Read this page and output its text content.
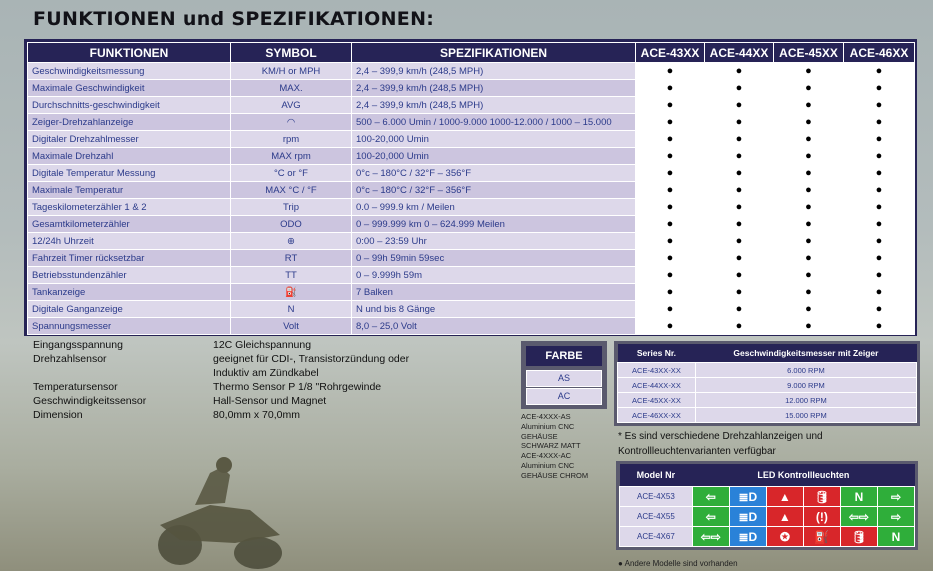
FUNKTIONEN und SPEZIFIKATIONEN:
FUNKTIONEN	SYMBOL	SPEZIFIKATIONEN	ACE-43XX	ACE-44XX	ACE-45XX	ACE-46XX
Geschwindigkeitsmessung	KM/H or MPH	2,4 – 399,9 km/h (248,5 MPH)	●	●	●	●
Maximale Geschwindigkeit	MAX.	2,4 – 399,9 km/h (248,5 MPH)	●	●	●	●
Durchschnitts-geschwindigkeit	AVG	2,4 – 399,9 km/h (248,5 MPH)	●	●	●	●
Zeiger-Drehzahlanzeige	◠	500 – 6.000 Umin / 1000-9.000 1000-12.000 / 1000 – 15.000	●	●	●	●
Digitaler Drehzahlmesser	rpm	100-20,000 Umin	●	●	●	●
Maximale Drehzahl	MAX rpm	100-20,000 Umin	●	●	●	●
Digitale Temperatur Messung	°C or °F	0°c – 180°C / 32°F – 356°F	●	●	●	●
Maximale Temperatur	MAX °C / °F	0°c – 180°C / 32°F – 356°F	●	●	●	●
Tageskilometerzähler 1 & 2	Trip	0.0 – 999.9 km / Meilen	●	●	●	●
Gesamtkilometerzähler	ODO	0 – 999.999 km 0 – 624.999 Meilen	●	●	●	●
12/24h Uhrzeit	⊕	0:00 – 23:59 Uhr	●	●	●	●
Fahrzeit Timer rücksetzbar	RT	0 – 99h 59min 59sec	●	●	●	●
Betriebsstundenzähler	TT	0 – 9.999h 59m	●	●	●	●
Tankanzeige	⛽	7 Balken	●	●	●	●
Digitale Ganganzeige	N	N und bis 8 Gänge	●	●	●	●
Spannungsmesser	Volt	8,0 – 25,0 Volt	●	●	●	●
Eingangsspannung	12C Gleichspannung
Drehzahlsensor	geeignet für CDI-, Transistorzündung oder
Induktiv am Zündkabel
Temperatursensor	Thermo Sensor P 1/8 "Rohrgewinde
Geschwindigkeitssensor	Hall-Sensor und Magnet
Dimension	80,0mm x 70,0mm
FARBE
AS
AC
ACE-4XXX-AS
Aluminium CNC
GEHÄUSE
SCHWARZ MATT
ACE-4XXX-AC
Aluminium CNC
GEHÄUSE CHROM
Series Nr.	Geschwindigkeitsmesser mit Zeiger
ACE-43XX-XX	6.000 RPM
ACE-44XX-XX	9.000 RPM
ACE-45XX-XX	12.000 RPM
ACE-46XX-XX	15.000 RPM
* Es sind verschiedene Drehzahlanzeigen und
Kontrollleuchtenvarianten verfügbar
Model Nr	LED Kontrollleuchten					
ACE-4X53	⇦	≣D	▲	🛢	N	⇨
ACE-4X55	⇦	≣D	▲	(!)	⇦⇨	⇨
ACE-4X67	⇦⇨	≣D	✪	⛽	🛢	N
● Andere Modelle sind vorhanden
